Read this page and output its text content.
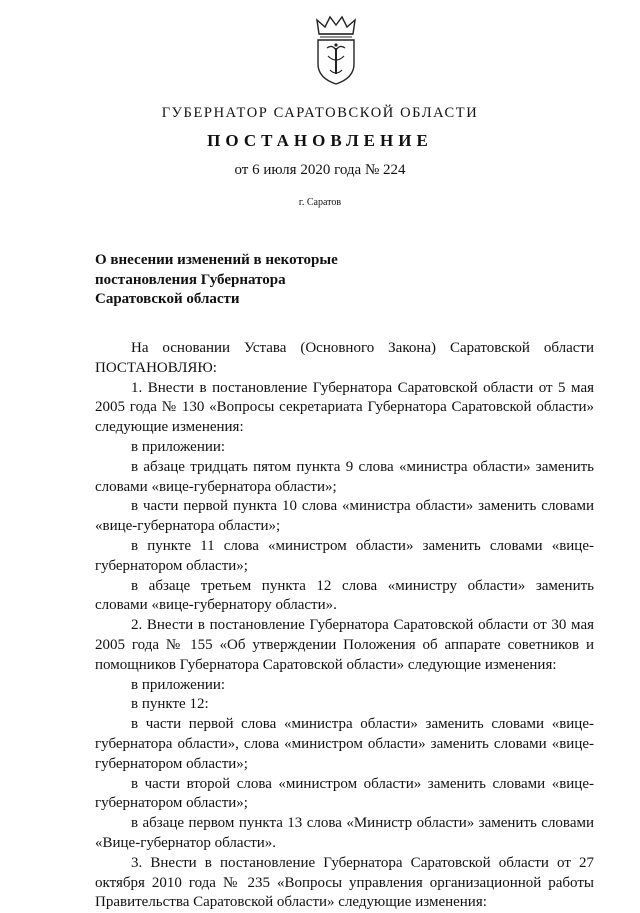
ГУБЕРНАТОР САРАТОВСКОЙ ОБЛАСТИ
ПОСТАНОВЛЕНИЕ
от 6 июля 2020 года № 224
г. Саратов
О внесении изменений в некоторые
постановления Губернатора
Саратовской области

На основании Устава (Основного Закона) Саратовской области ПОСТАНОВЛЯЮ:

1. Внести в постановление Губернатора Саратовской области от 5 мая 2005 года № 130 «Вопросы секретариата Губернатора Саратовской области» следующие изменения:

в приложении:

в абзаце тридцать пятом пункта 9 слова «министра области» заменить словами «вице-губернатора области»;

в части первой пункта 10 слова «министра области» заменить словами «вице-губернатора области»;

в пункте 11 слова «министром области» заменить словами «вице-губернатором области»;

в абзаце третьем пункта 12 слова «министру области» заменить словами «вице-губернатору области».

2. Внести в постановление Губернатора Саратовской области от 30 мая 2005 года № 155 «Об утверждении Положения об аппарате советников и помощников Губернатора Саратовской области» следующие изменения:

в приложении:

в пункте 12:

в части первой слова «министра области» заменить словами «вице-губернатора области», слова «министром области» заменить словами «вице-губернатором области»;

в части второй слова «министром области» заменить словами «вице-губернатором области»;

в абзаце первом пункта 13 слова «Министр области» заменить словами «Вице-губернатор области».

3. Внести в постановление Губернатора Саратовской области от 27 октября 2010 года № 235 «Вопросы управления организационной работы Правительства Саратовской области» следующие изменения:
